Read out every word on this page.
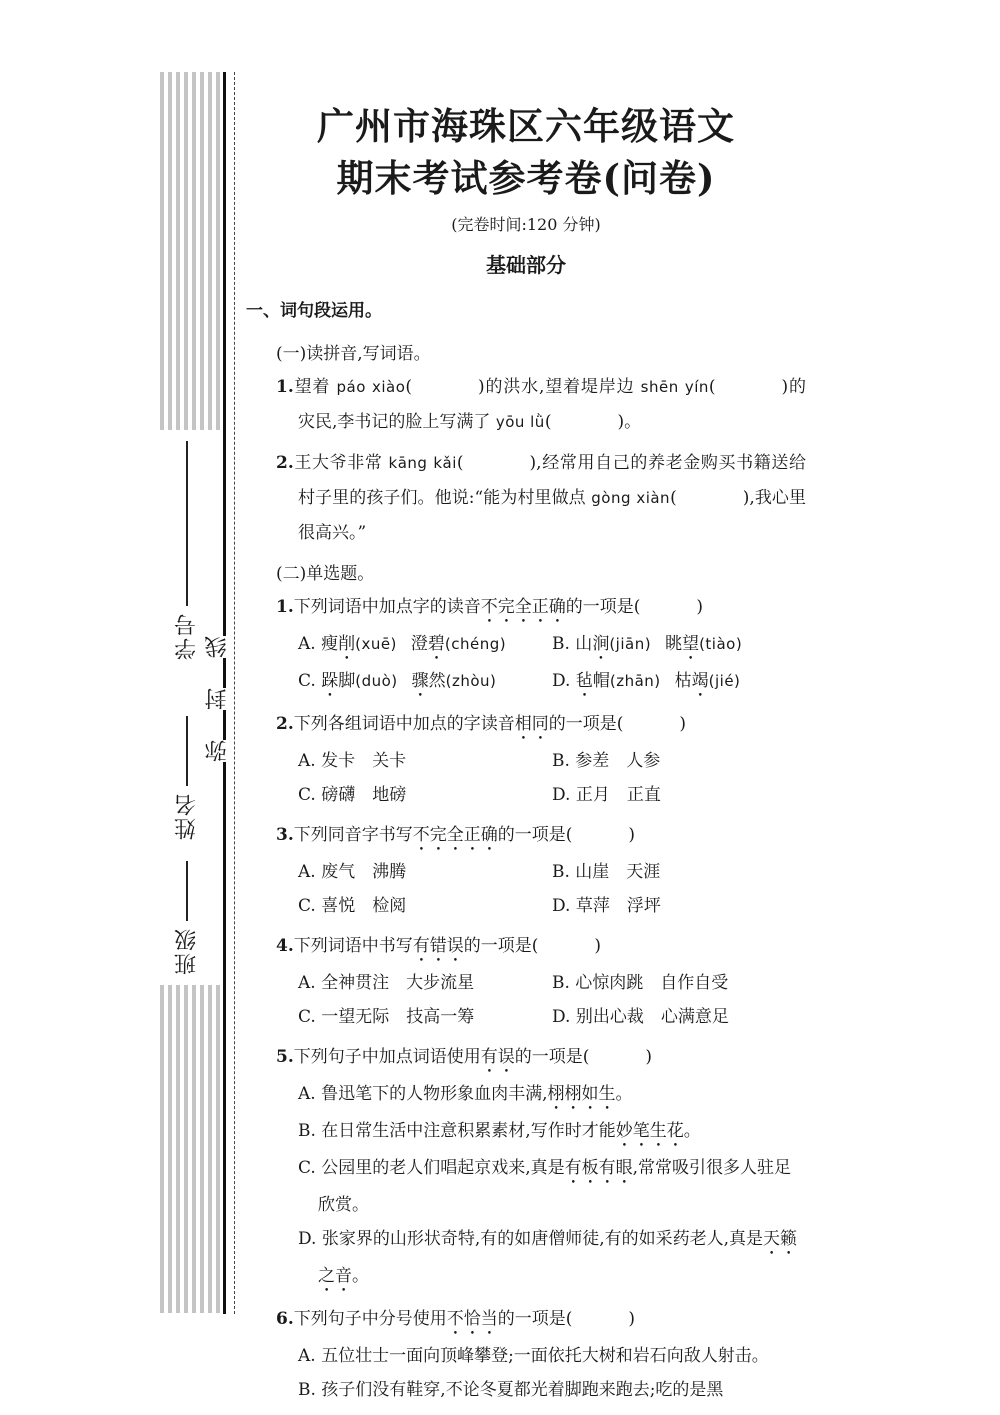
学号
姓名
班级
线
封
弥
广州市海珠区六年级语文
期末考试参考卷(问卷)
(完卷时间:120 分钟)
基础部分
一、词句段运用。
(一)读拼音,写词语。
1.望着 páo xiào(	)的洪水,望着堤岸边 shēn yín(	)的灾民,李书记的脸上写满了 yōu lǜ(	)。
2.王大爷非常 kāng kǎi(	),经常用自己的养老金购买书籍送给村子里的孩子们。他说:“能为村里做点 gòng xiàn(	),我心里很高兴。”
(二)单选题。
1.下列词语中加点字的读音不完全正确的一项是(	)
A. 瘦削(xuē) 澄碧(chéng)	B. 山涧(jiān) 眺望(tiào)
C. 跺脚(duò) 骤然(zhòu)	D. 毡帽(zhān) 枯竭(jié)
2.下列各组词语中加点的字读音相同的一项是(	)
A. 发卡　关卡	B. 参差　人参
C. 磅礴　地磅	D. 正月　正直
3.下列同音字书写不完全正确的一项是(	)
A. 废气　沸腾	B. 山崖　天涯
C. 喜悦　检阅	D. 草萍　浮坪
4.下列词语中书写有错误的一项是(	)
A. 全神贯注　大步流星	B. 心惊肉跳　自作自受
C. 一望无际　技高一筹	D. 别出心裁　心满意足
5.下列句子中加点词语使用有误的一项是(	)
A. 鲁迅笔下的人物形象血肉丰满,栩栩如生。
B. 在日常生活中注意积累素材,写作时才能妙笔生花。
C. 公园里的老人们唱起京戏来,真是有板有眼,常常吸引很多人驻足欣赏。
D. 张家界的山形状奇特,有的如唐僧师徒,有的如采药老人,真是天籁之音。
6.下列句子中分号使用不恰当的一项是(	)
A. 五位壮士一面向顶峰攀登;一面依托大树和岩石向敌人射击。
B. 孩子们没有鞋穿,不论冬夏都光着脚跑来跑去;吃的是黑
